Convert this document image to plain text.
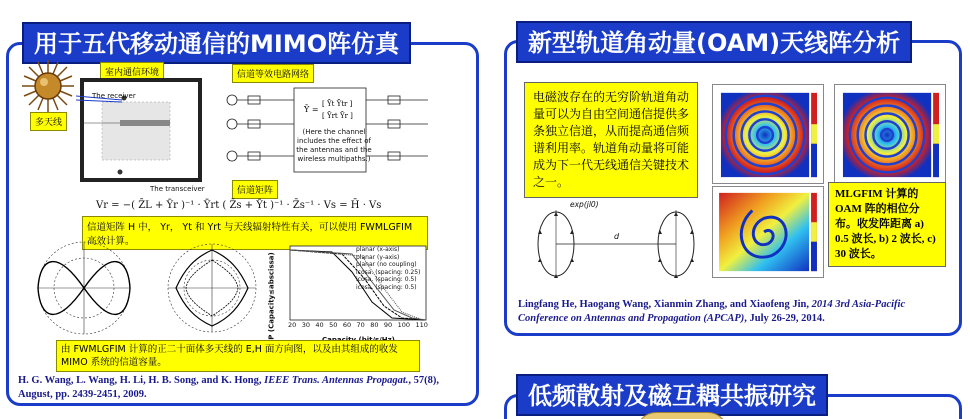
用于五代移动通信的MIMO阵仿真
多天线
室内通信环境
The receiver
The transceiver
信道等效电路网络
Ȳ =
[ Ȳt Ȳtr ]
[ Ȳrt Ȳr ]
(Here the channel includes the effect of the antennas and the wireless multipaths.)
信道矩阵
Vr = −( Z̄L + Ȳr )⁻¹ · Ȳrt ( Z̄s + Ȳt )⁻¹ · Z̄s⁻¹ · Vs = H̄ · Vs
信道矩阵 H 中， Yr， Yt 和 Yrt 与天线辐射特性有关，可以使用 FWMLGFIM 高效计算。
P (Capacity≤abscissa)
planar (x-axis)
planar (y-axis)
planar (no coupling)
icosa. (spacing: 0.25)
icosa. (spacing: 0.5)
icosa. (spacing: 0.5)
20 30 40 50 60 70 80 90 100 110
由 FWMLGFIM 计算的正二十面体多天线的 E,H 面方向图，以及由其组成的收发 MIMO 系统的信道容量。
H. G. Wang, L. Wang, H. Li, H. B. Song, and K. Hong, IEEE Trans. Antennas Propagat., 57(8), August, pp. 2439-2451, 2009.
新型轨道角动量(OAM)天线阵分析
电磁波存在的无穷阶轨道角动量可以为自由空间通信提供多条独立信道，从而提高通信频谱利用率。轨道角动量将可能成为下一代无线通信关键技术之一。
MLGFIM 计算的 OAM 阵的相位分布。收发阵距离 a) 0.5 波长, b) 2 波长, c) 30 波长。
exp(jl0)
d
Lingfang He, Haogang Wang, Xianmin Zhang, and Xiaofeng Jin, 2014 3rd Asia-Pacific Conference on Antennas and Propagation (APCAP), July 26-29, 2014.
低频散射及磁互耦共振研究
